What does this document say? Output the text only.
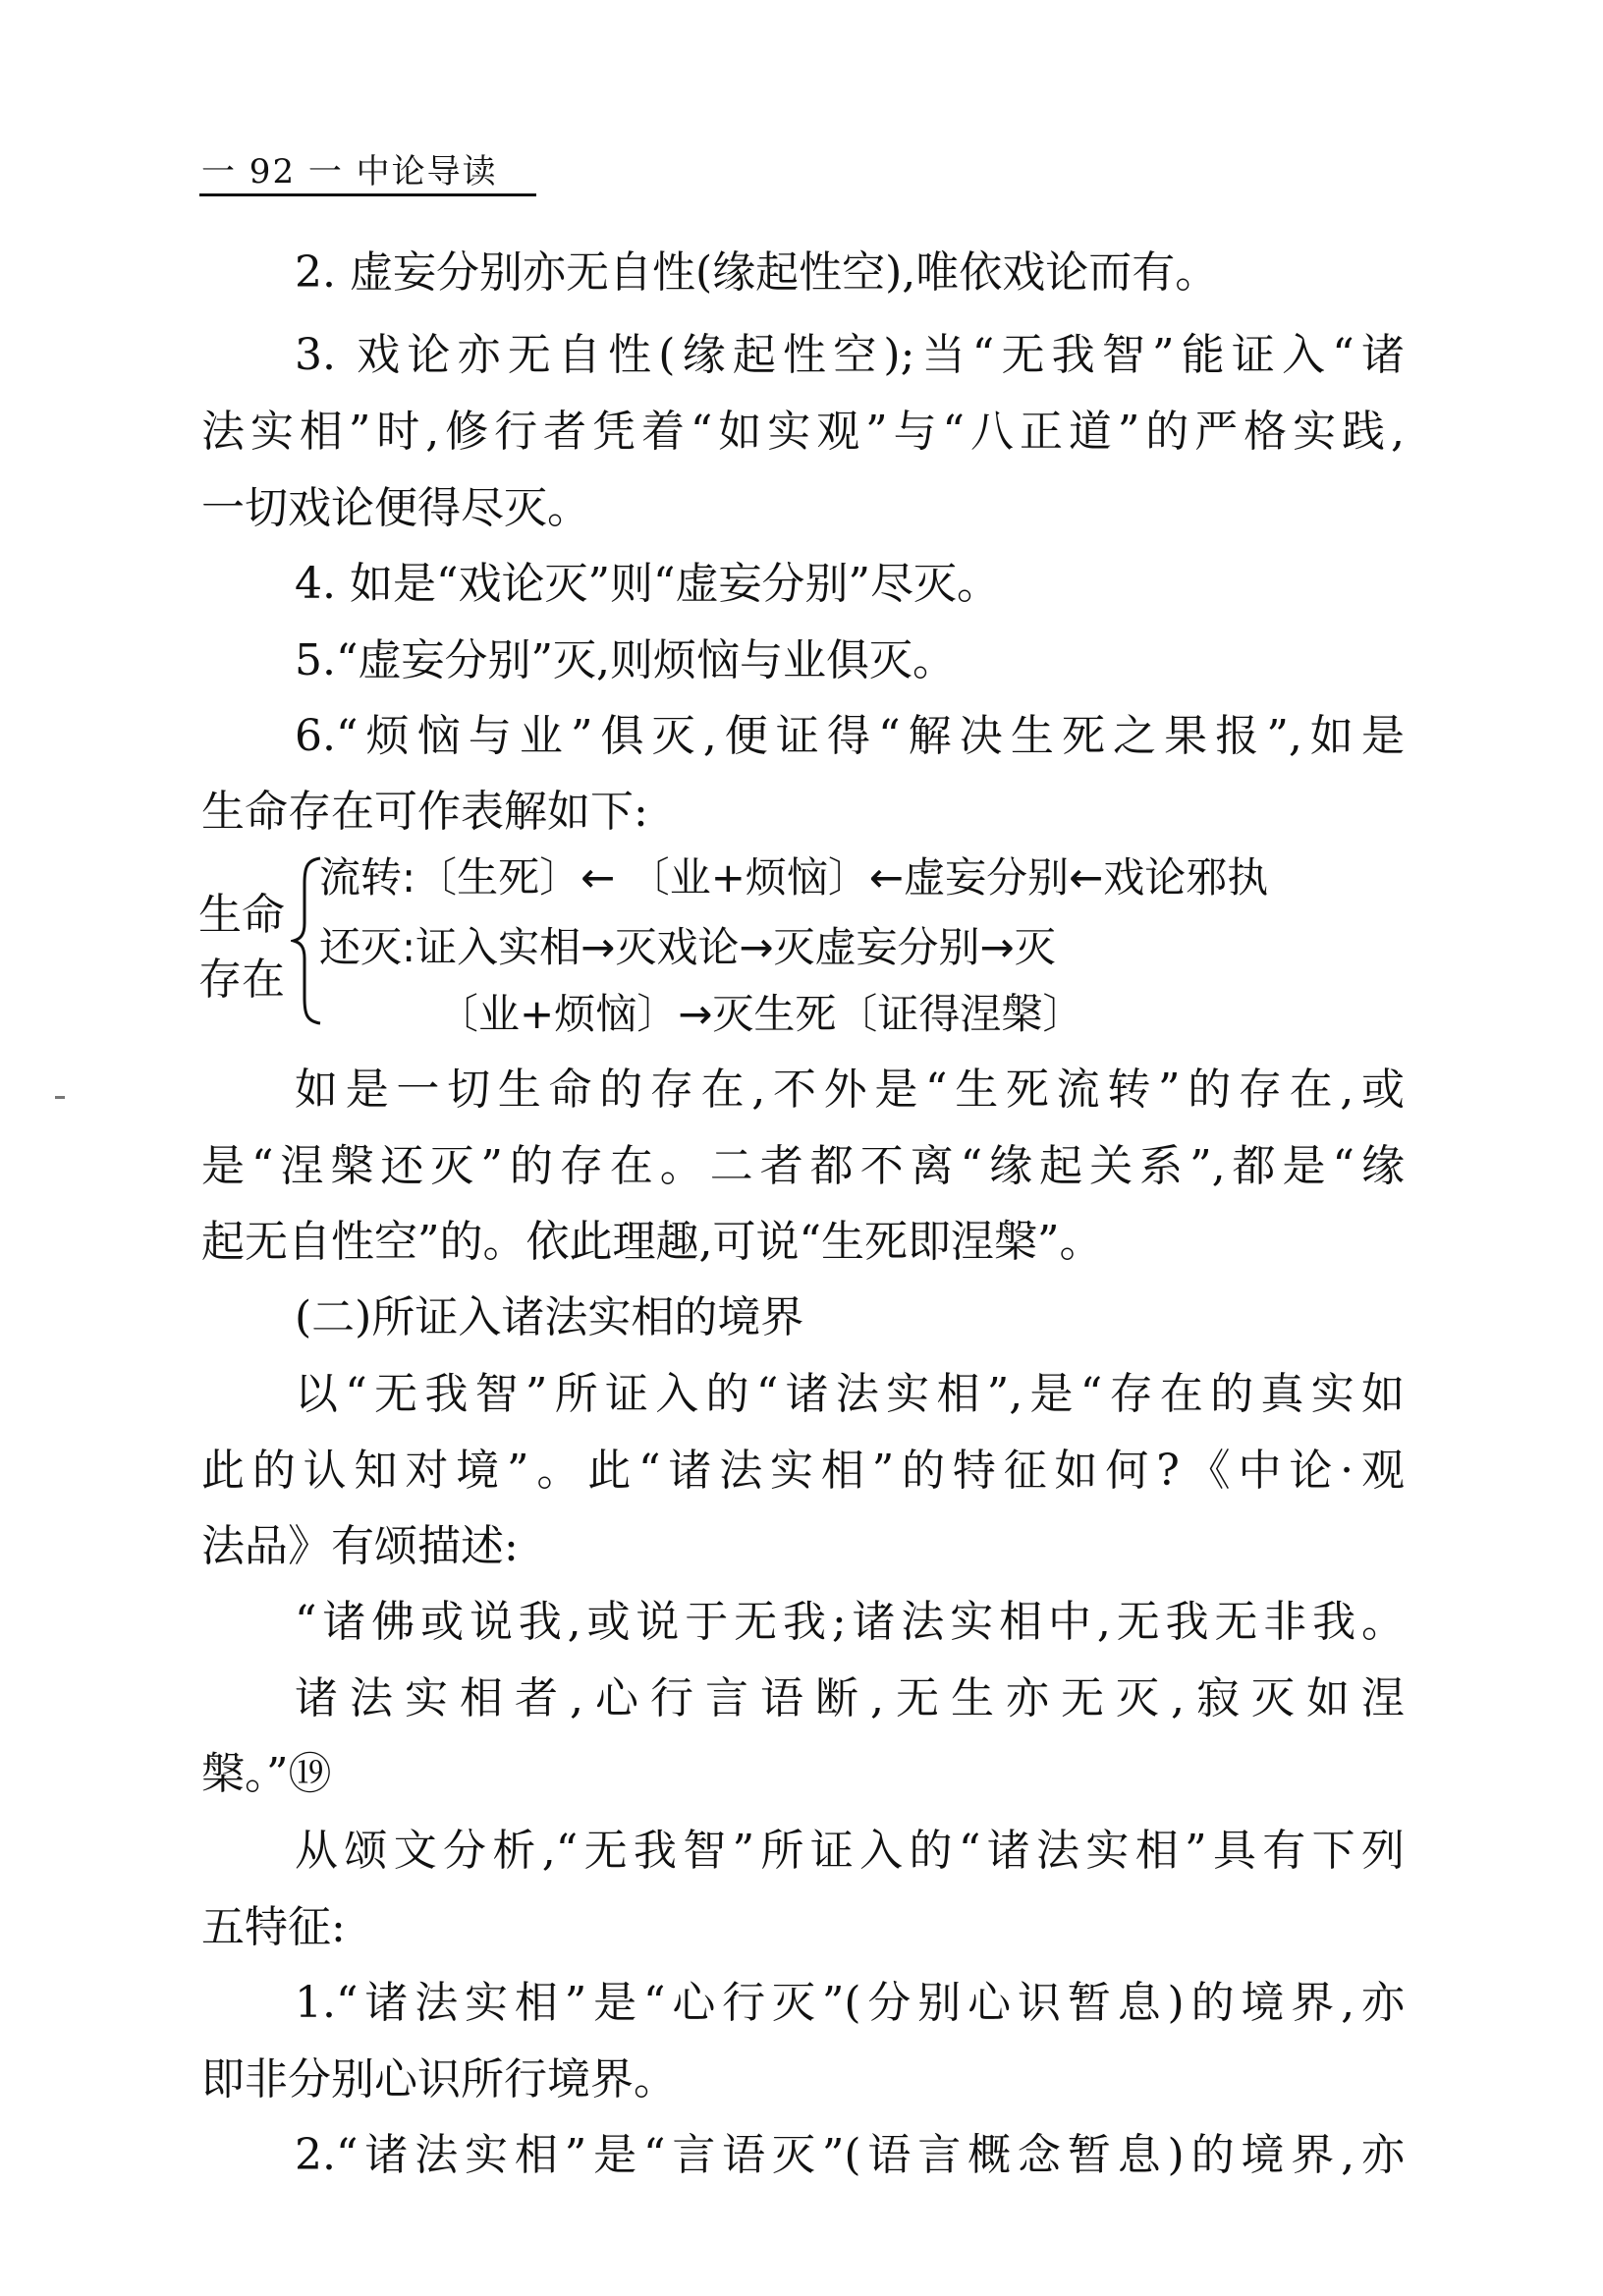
一 92 一 中论导读
2. 虚妄分别亦无自性(缘起性空),唯依戏论而有。
3. 戏论亦无自性(缘起性空);当“无我智”能证入“诸
法实相”时,修行者凭着“如实观”与“八正道”的严格实践,
一切戏论便得尽灭。
4. 如是“戏论灭”则“虚妄分别”尽灭。
5.“虚妄分别”灭,则烦恼与业俱灭。
6.“烦恼与业”俱灭,便证得“解决生死之果报”,如是
生命存在可作表解如下:
生命
存在
流转:〔生死〕← 〔业+烦恼〕←虚妄分别←戏论邪执
还灭:证入实相→灭戏论→灭虚妄分别→灭
〔业+烦恼〕→灭生死〔证得涅槃〕
如是一切生命的存在,不外是“生死流转”的存在,或
是“涅槃还灭”的存在。二者都不离“缘起关系”,都是“缘
起无自性空”的。依此理趣,可说“生死即涅槃”。
(二)所证入诸法实相的境界
以“无我智”所证入的“诸法实相”,是“存在的真实如
此的认知对境”。此“诸法实相”的特征如何?《中论·观
法品》有颂描述:
“诸佛或说我,或说于无我;诸法实相中,无我无非我。
诸法实相者,心行言语断,无生亦无灭,寂灭如涅
槃。”⑲
从颂文分析,“无我智”所证入的“诸法实相”具有下列
五特征:
1.“诸法实相”是“心行灭”(分别心识暂息)的境界,亦
即非分别心识所行境界。
2.“诸法实相”是“言语灭”(语言概念暂息)的境界,亦
